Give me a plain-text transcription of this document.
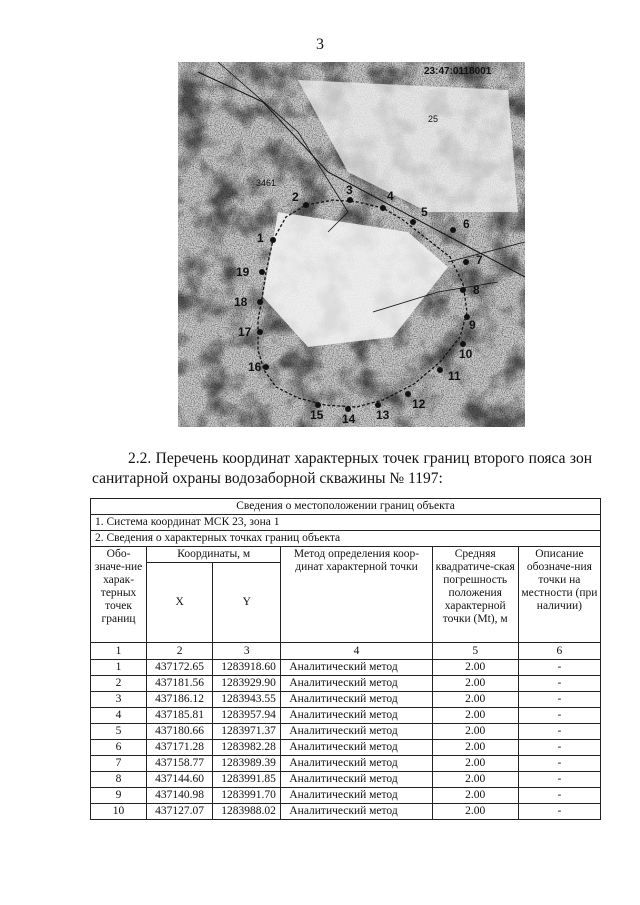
3
23:47:0118001
25
3461
1
2	3	4
5
6
7
8
9
10
11
12
13
14
15
16
17
18
19
2.2. Перечень координат характерных точек границ второго пояса зон санитарной охраны водозаборной скважины № 1197:
Сведения о местоположении границ объекта					
1. Система координат МСК 23, зона 1					
2. Сведения о характерных точках границ объекта					
Обо-значе-ние харак-терных точек границ	Координаты, м		Метод определения коор-динат характерной точки	Средняя квадратиче-ская погрешность положения характерной точки (Mt), м	Описание обозначе-ния точки на местности (при наличии)
	X	Y			
1	2	3	4	5	6
1	437172.65	1283918.60	Аналитический метод	2.00	-
2	437181.56	1283929.90	Аналитический метод	2.00	-
3	437186.12	1283943.55	Аналитический метод	2.00	-
4	437185.81	1283957.94	Аналитический метод	2.00	-
5	437180.66	1283971.37	Аналитический метод	2.00	-
6	437171.28	1283982.28	Аналитический метод	2.00	-
7	437158.77	1283989.39	Аналитический метод	2.00	-
8	437144.60	1283991.85	Аналитический метод	2.00	-
9	437140.98	1283991.70	Аналитический метод	2.00	-
10	437127.07	1283988.02	Аналитический метод	2.00	-
